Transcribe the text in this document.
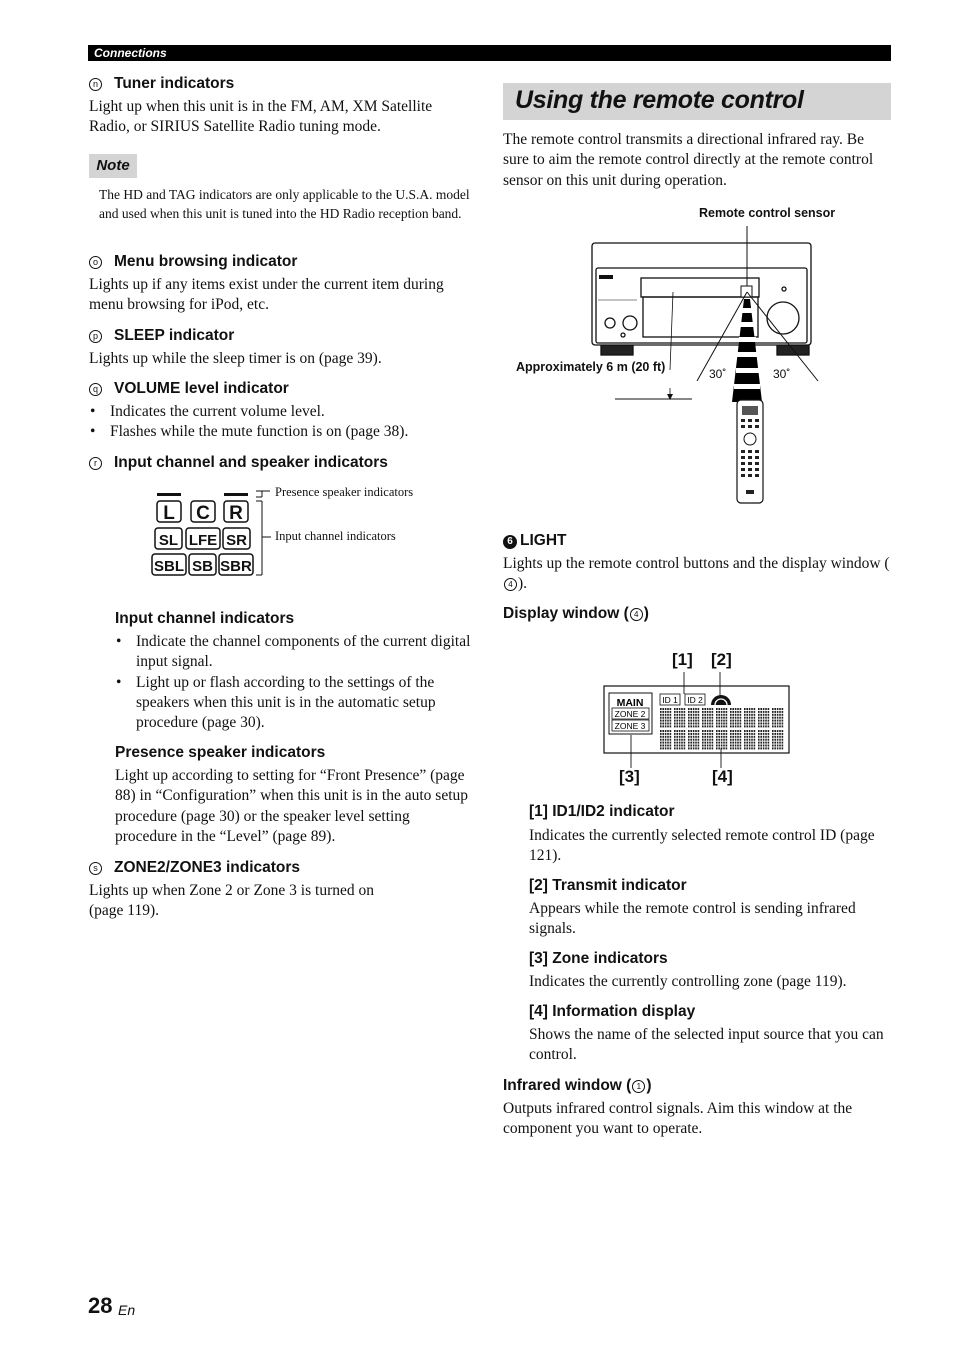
Connections
n Tuner indicators

Light up when this unit is in the FM, AM, XM Satellite Radio, or SIRIUS Satellite Radio tuning mode.

Note

The HD and TAG indicators are only applicable to the U.S.A. model and used when this unit is tuned into the HD Radio reception band.

o Menu browsing indicator

Lights up if any items exist under the current item during menu browsing for iPod, etc.

p SLEEP indicator

Lights up while the sleep timer is on (page 39).

q VOLUME level indicator
• Indicates the current volume level.
• Flashes while the mute function is on (page 38).
r Input channel and speaker indicators
L C R
SL LFE SR
SBL SB SBR
Presence speaker indicators
Input channel indicators
Input channel indicators
• Indicate the channel components of the current digital input signal.
• Light up or flash according to the settings of the speakers when this unit is in the automatic setup procedure (page 30).
Presence speaker indicators

Light up according to setting for “Front Presence” (page 88) in “Configuration” when this unit is in the auto setup procedure (page 30) or the speaker level setting procedure in the “Level” (page 89).

s ZONE2/ZONE3 indicators

Lights up when Zone 2 or Zone 3 is turned on
(page 119).

Using the remote control

The remote control transmits a directional infrared ray. Be sure to aim the remote control directly at the remote control sensor on this unit during operation.

Remote control sensor
Approximately 6 m (20 ft)	30˚	30˚
6 LIGHT

Lights up the remote control buttons and the display window (4 ).

Display window ( 4 )
[1] [2]
[3]	[4]
MAIN
ZONE 2
ZONE 3
ID 1 ID 2
[1] ID1/ID2 indicator

Indicates the currently selected remote control ID (page 121).

[2] Transmit indicator

Appears while the remote control is sending infrared signals.

[3] Zone indicators

Indicates the currently controlling zone (page 119).

[4] Information display

Shows the name of the selected input source that you can control.

Infrared window ( 1 )

Outputs infrared control signals. Aim this window at the component you want to operate.

28 En
